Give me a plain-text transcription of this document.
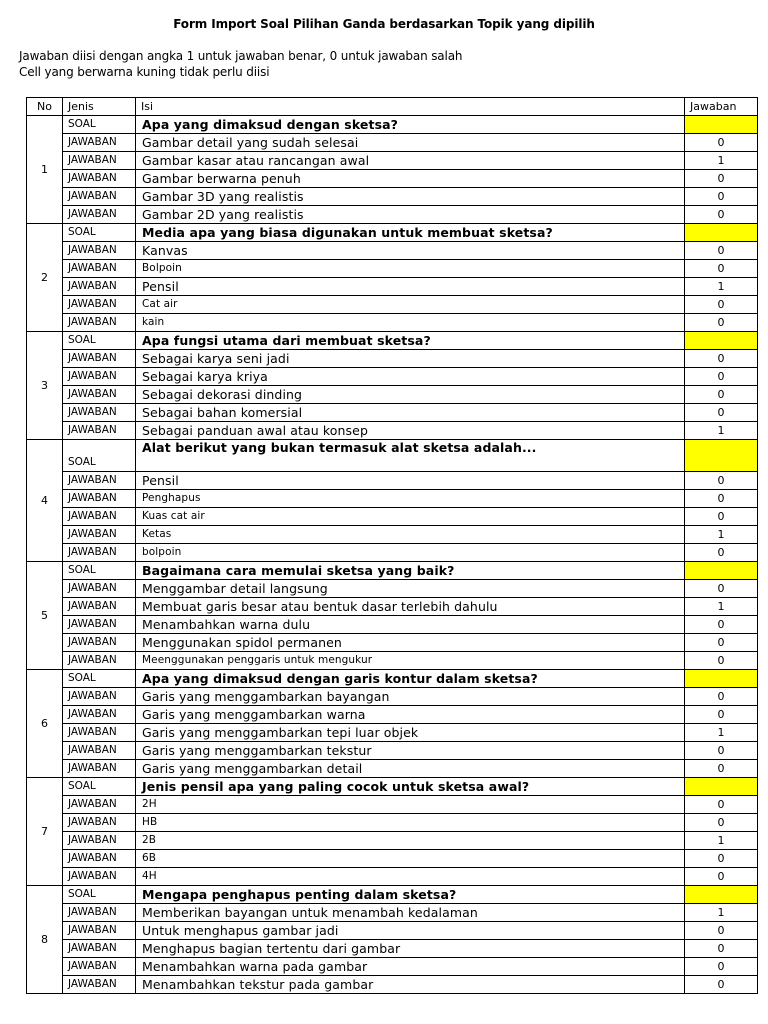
Form Import Soal Pilihan Ganda berdasarkan Topik yang dipilih
Jawaban diisi dengan angka 1 untuk jawaban benar, 0 untuk jawaban salah
Cell yang berwarna kuning tidak perlu diisi
No	Jenis	Isi	Jawaban
1	SOAL	Apa yang dimaksud dengan sketsa?	
	JAWABAN	Gambar detail yang sudah selesai	0
	JAWABAN	Gambar kasar atau rancangan awal	1
	JAWABAN	Gambar berwarna penuh	0
	JAWABAN	Gambar 3D yang realistis	0
	JAWABAN	Gambar 2D yang realistis	0
2	SOAL	Media apa yang biasa digunakan untuk membuat sketsa?	
	JAWABAN	Kanvas	0
	JAWABAN	Bolpoin	0
	JAWABAN	Pensil	1
	JAWABAN	Cat air	0
	JAWABAN	kain	0
3	SOAL	Apa fungsi utama dari membuat sketsa?	
	JAWABAN	Sebagai karya seni jadi	0
	JAWABAN	Sebagai karya kriya	0
	JAWABAN	Sebagai dekorasi dinding	0
	JAWABAN	Sebagai bahan komersial	0
	JAWABAN	Sebagai panduan awal atau konsep	1
4	SOAL	Alat berikut yang bukan termasuk alat sketsa adalah...	
	JAWABAN	Pensil	0
	JAWABAN	Penghapus	0
	JAWABAN	Kuas cat air	0
	JAWABAN	Ketas	1
	JAWABAN	bolpoin	0
5	SOAL	Bagaimana cara memulai sketsa yang baik?	
	JAWABAN	Menggambar detail langsung	0
	JAWABAN	Membuat garis besar atau bentuk dasar terlebih dahulu	1
	JAWABAN	Menambahkan warna dulu	0
	JAWABAN	Menggunakan spidol permanen	0
	JAWABAN	Meenggunakan penggaris untuk mengukur	0
6	SOAL	Apa yang dimaksud dengan garis kontur dalam sketsa?	
	JAWABAN	Garis yang menggambarkan bayangan	0
	JAWABAN	Garis yang menggambarkan warna	0
	JAWABAN	Garis yang menggambarkan tepi luar objek	1
	JAWABAN	Garis yang menggambarkan tekstur	0
	JAWABAN	Garis yang menggambarkan detail	0
7	SOAL	Jenis pensil apa yang paling cocok untuk sketsa awal?	
	JAWABAN	2H	0
	JAWABAN	HB	0
	JAWABAN	2B	1
	JAWABAN	6B	0
	JAWABAN	4H	0
8	SOAL	Mengapa penghapus penting dalam sketsa?	
	JAWABAN	Memberikan bayangan untuk menambah kedalaman	1
	JAWABAN	Untuk menghapus gambar jadi	0
	JAWABAN	Menghapus bagian tertentu dari gambar	0
	JAWABAN	Menambahkan warna pada gambar	0
	JAWABAN	Menambahkan tekstur pada gambar	0
